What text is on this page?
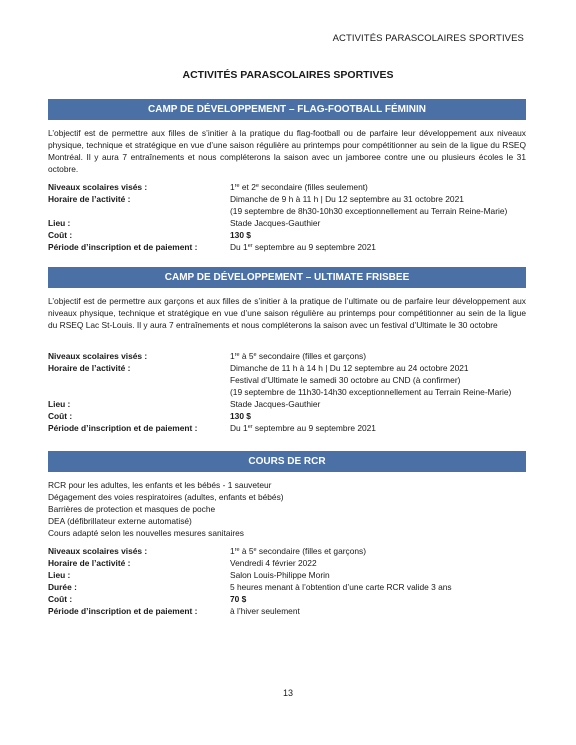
ACTIVITÉS PARASCOLAIRES SPORTIVES
ACTIVITÉS PARASCOLAIRES SPORTIVES
CAMP DE DÉVELOPPEMENT – FLAG-FOOTBALL FÉMININ

L’objectif est de permettre aux filles de s’initier à la pratique du flag-football ou de parfaire leur développement aux niveaux physique, technique et stratégique en vue d’une saison régulière au printemps pour compétitionner au sein de la ligue du RSEQ Montréal. Il y aura 7 entraînements et nous compléterons la saison avec un jamboree contre une ou plusieurs écoles le 31 octobre.

Niveaux scolaires visés :	1re et 2e secondaire (filles seulement)
Horaire de l’activité :	Dimanche de 9 h à 11 h | Du 12 septembre au 31 octobre 2021
(19 septembre de 8h30-10h30 exceptionnellement au Terrain Reine-Marie)
Lieu :	Stade Jacques-Gauthier
Coût :	130 $
Période d’inscription et de paiement :	Du 1er septembre au 9 septembre 2021
CAMP DE DÉVELOPPEMENT – ULTIMATE FRISBEE

L’objectif est de permettre aux garçons et aux filles de s’initier à la pratique de l’ultimate ou de parfaire leur développement aux niveaux physique, technique et stratégique en vue d’une saison régulière au printemps pour compétitionner au sein de la ligue du RSEQ Lac St-Louis. Il y aura 7 entraînements et nous compléterons la saison avec un festival d’Ultimate le 30 octobre

Niveaux scolaires visés :	1re à 5e secondaire (filles et garçons)
Horaire de l’activité :	Dimanche de 11 h à 14 h | Du 12 septembre au 24 octobre 2021
Festival d’Ultimate le samedi 30 octobre au CND (à confirmer)
(19 septembre de 11h30-14h30 exceptionnellement au Terrain Reine-Marie)
Lieu :	Stade Jacques-Gauthier
Coût :	130 $
Période d’inscription et de paiement :	Du 1er septembre au 9 septembre 2021
COURS DE RCR
RCR pour les adultes, les enfants et les bébés - 1 sauveteur
Dégagement des voies respiratoires (adultes, enfants et bébés)
Barrières de protection et masques de poche
DEA (défibrillateur externe automatisé)
Cours adapté selon les nouvelles mesures sanitaires
Niveaux scolaires visés :	1re à 5e secondaire (filles et garçons)
Horaire de l’activité :	Vendredi 4 février 2022
Lieu :	Salon Louis-Philippe Morin
Durée :	5 heures menant à l’obtention d’une carte RCR valide 3 ans
Coût :	70 $
Période d’inscription et de paiement :	à l’hiver seulement
13
